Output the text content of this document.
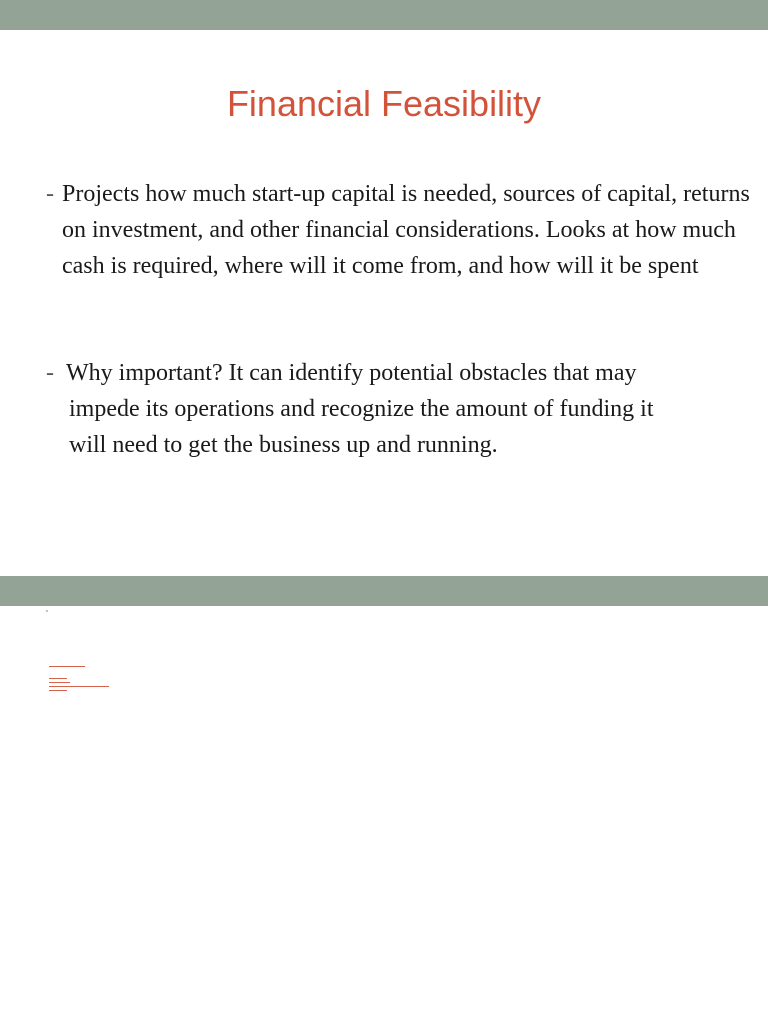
Financial Feasibility
- Projects how much start-up capital is needed, sources of capital, returns on investment, and other financial considerations. Looks at how much cash is required, where will it come from, and how will it be spent
- Why important? It can identify potential obstacles that may
impede its operations and recognize the amount of funding it
will need to get the business up and running.
▬▬▬▬▬▬▬▬▬▬▬▬
▬▬▬▬▬▬
▬▬▬▬▬▬▬
▬▬▬▬▬▬▬▬▬▬▬▬▬▬▬▬▬▬▬▬
▬▬▬▬▬▬
